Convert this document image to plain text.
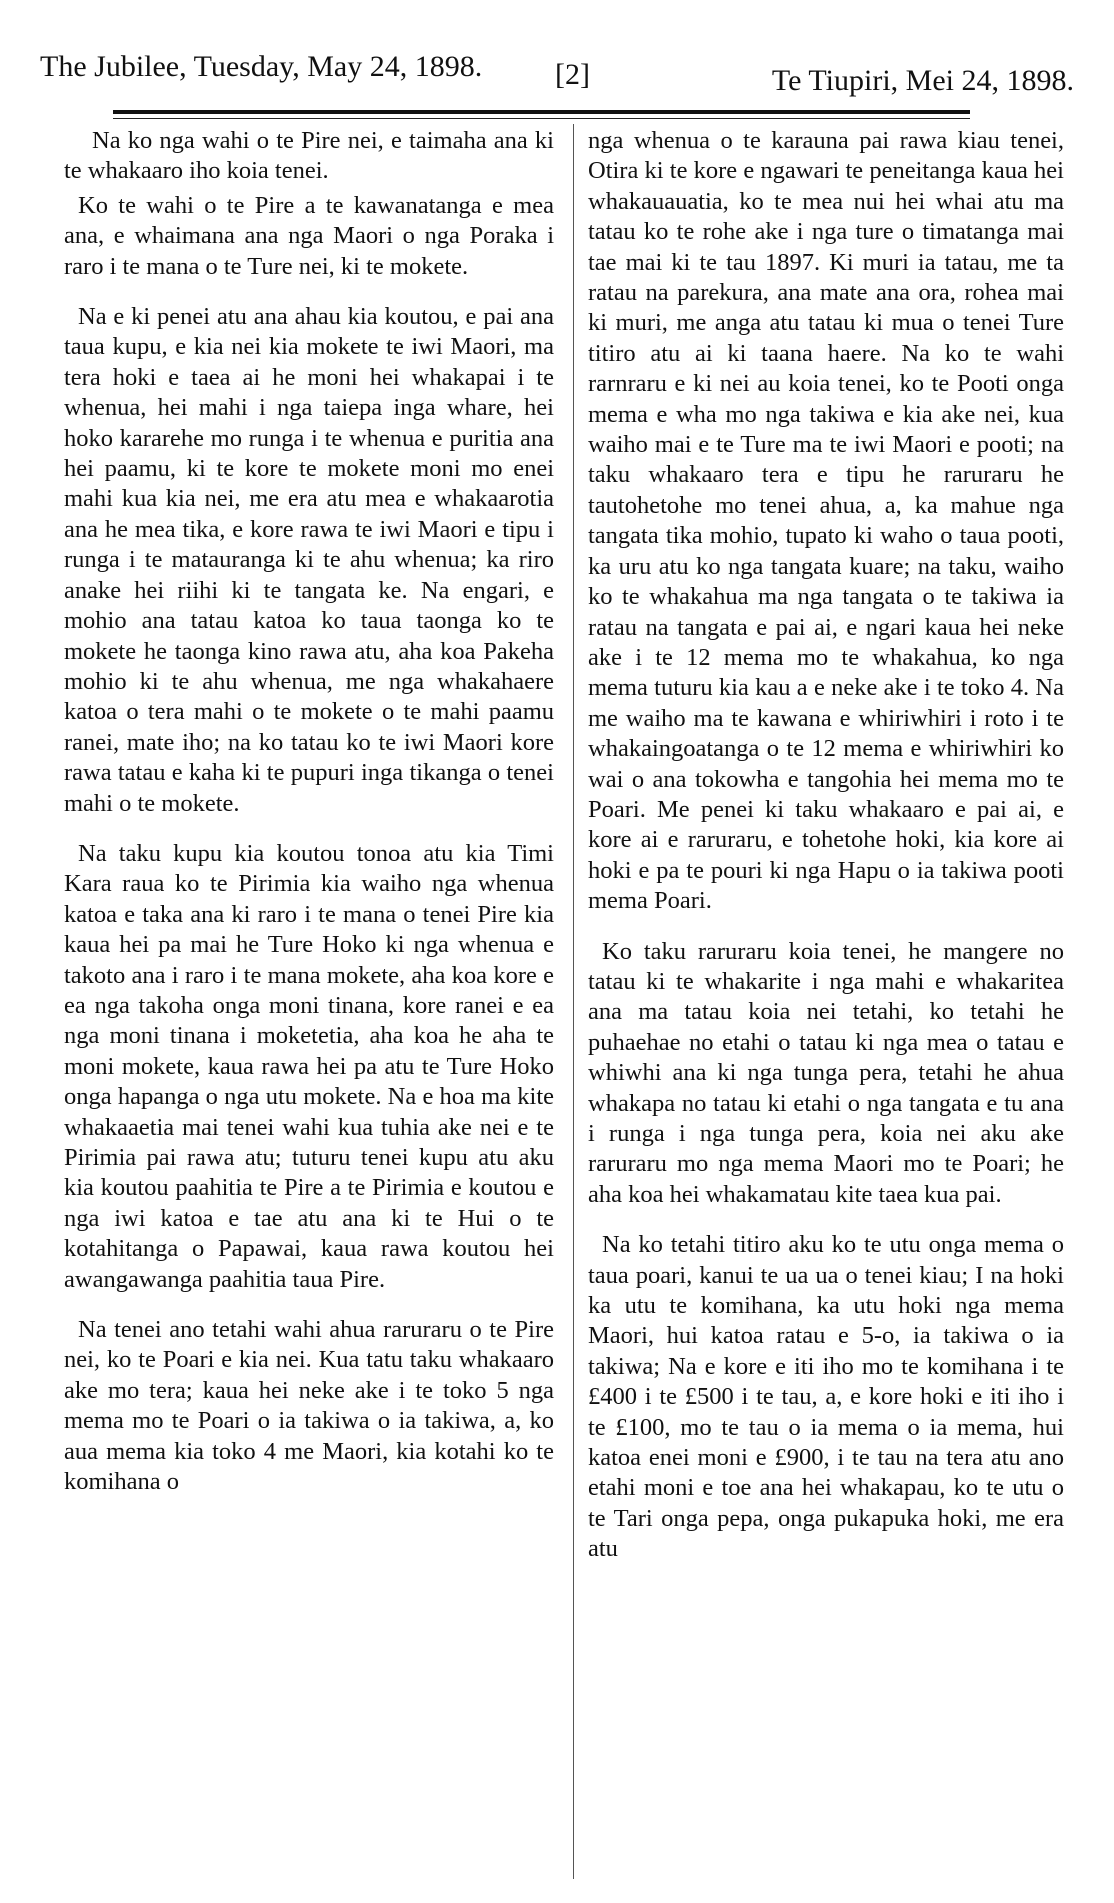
The Jubilee, Tuesday, May 24, 1898. [2]	Te Tiupiri, Mei 24, 1898.

Na ko nga wahi o te Pire nei, e taimaha ana ki te whakaaro iho koia tenei.

Ko te wahi o te Pire a te kawanatanga e mea ana, e whaimana ana nga Maori o nga Poraka i raro i te mana o te Ture nei, ki te mokete.

Na e ki penei atu ana ahau kia koutou, e pai ana taua kupu, e kia nei kia mokete te iwi Maori, ma tera hoki e taea ai he moni hei whakapai i te whenua, hei mahi i nga taiepa inga whare, hei hoko kararehe mo runga i te whenua e puritia ana hei paamu, ki te kore te mokete moni mo enei mahi kua kia nei, me era atu mea e whakaarotia ana he mea tika, e kore rawa te iwi Maori e tipu i runga i te matauranga ki te ahu whenua; ka riro anake hei riihi ki te tangata ke. Na engari, e mohio ana tatau katoa ko taua taonga ko te mokete he taonga kino rawa atu, aha koa Pakeha mohio ki te ahu whenua, me nga whakahaere katoa o tera mahi o te mokete o te mahi paamu ranei, mate iho; na ko tatau ko te iwi Maori kore rawa tatau e kaha ki te pupuri inga tikanga o tenei mahi o te mokete.

Na taku kupu kia koutou tonoa atu kia Timi Kara raua ko te Pirimia kia waiho nga whenua katoa e taka ana ki raro i te mana o tenei Pire kia kaua hei pa mai he Ture Hoko ki nga whenua e takoto ana i raro i te mana mokete, aha koa kore e ea nga takoha onga moni tinana, kore ranei e ea nga moni tinana i moketetia, aha koa he aha te moni mokete, kaua rawa hei pa atu te Ture Hoko onga hapanga o nga utu mokete. Na e hoa ma kite whakaaetia mai tenei wahi kua tuhia ake nei e te Pirimia pai rawa atu; tuturu tenei kupu atu aku kia koutou paahitia te Pire a te Pirimia e koutou e nga iwi katoa e tae atu ana ki te Hui o te kotahitanga o Papawai, kaua rawa koutou hei awangawanga paahitia taua Pire.

Na tenei ano tetahi wahi ahua raruraru o te Pire nei, ko te Poari e kia nei. Kua tatu taku whakaaro ake mo tera; kaua hei neke ake i te toko 5 nga mema mo te Poari o ia takiwa o ia takiwa, a, ko aua mema kia toko 4 me Maori, kia kotahi ko te komihana o

nga whenua o te karauna pai rawa kiau tenei, Otira ki te kore e ngawari te peneitanga kaua hei whakauauatia, ko te mea nui hei whai atu ma tatau ko te rohe ake i nga ture o timatanga mai tae mai ki te tau 1897. Ki muri ia tatau, me ta ratau na parekura, ana mate ana ora, rohea mai ki muri, me anga atu tatau ki mua o tenei Ture titiro atu ai ki taana haere. Na ko te wahi rarnraru e ki nei au koia tenei, ko te Pooti onga mema e wha mo nga takiwa e kia ake nei, kua waiho mai e te Ture ma te iwi Maori e pooti; na taku whakaaro tera e tipu he raruraru he tautohetohe mo tenei ahua, a, ka mahue nga tangata tika mohio, tupato ki waho o taua pooti, ka uru atu ko nga tangata kuare; na taku, waiho ko te whakahua ma nga tangata o te takiwa ia ratau na tangata e pai ai, e ngari kaua hei neke ake i te 12 mema mo te whakahua, ko nga mema tuturu kia kau a e neke ake i te toko 4. Na me waiho ma te kawana e whiriwhiri i roto i te whakaingoatanga o te 12 mema e whiriwhiri ko wai o ana tokowha e tangohia hei mema mo te Poari. Me penei ki taku whakaaro e pai ai, e kore ai e raruraru, e tohetohe hoki, kia kore ai hoki e pa te pouri ki nga Hapu o ia takiwa pooti mema Poari.

Ko taku raruraru koia tenei, he mangere no tatau ki te whakarite i nga mahi e whakaritea ana ma tatau koia nei tetahi, ko tetahi he puhaehae no etahi o tatau ki nga mea o tatau e whiwhi ana ki nga tunga pera, tetahi he ahua whakapa no tatau ki etahi o nga tangata e tu ana i runga i nga tunga pera, koia nei aku ake raruraru mo nga mema Maori mo te Poari; he aha koa hei whakamatau kite taea kua pai.

Na ko tetahi titiro aku ko te utu onga mema o taua poari, kanui te ua ua o tenei kiau; I na hoki ka utu te komihana, ka utu hoki nga mema Maori, hui katoa ratau e 5-o, ia takiwa o ia takiwa; Na e kore e iti iho mo te komihana i te £400 i te £500 i te tau, a, e kore hoki e iti iho i te £100, mo te tau o ia mema o ia mema, hui katoa enei moni e £900, i te tau na tera atu ano etahi moni e toe ana hei whakapau, ko te utu o te Tari onga pepa, onga pukapuka hoki, me era atu
